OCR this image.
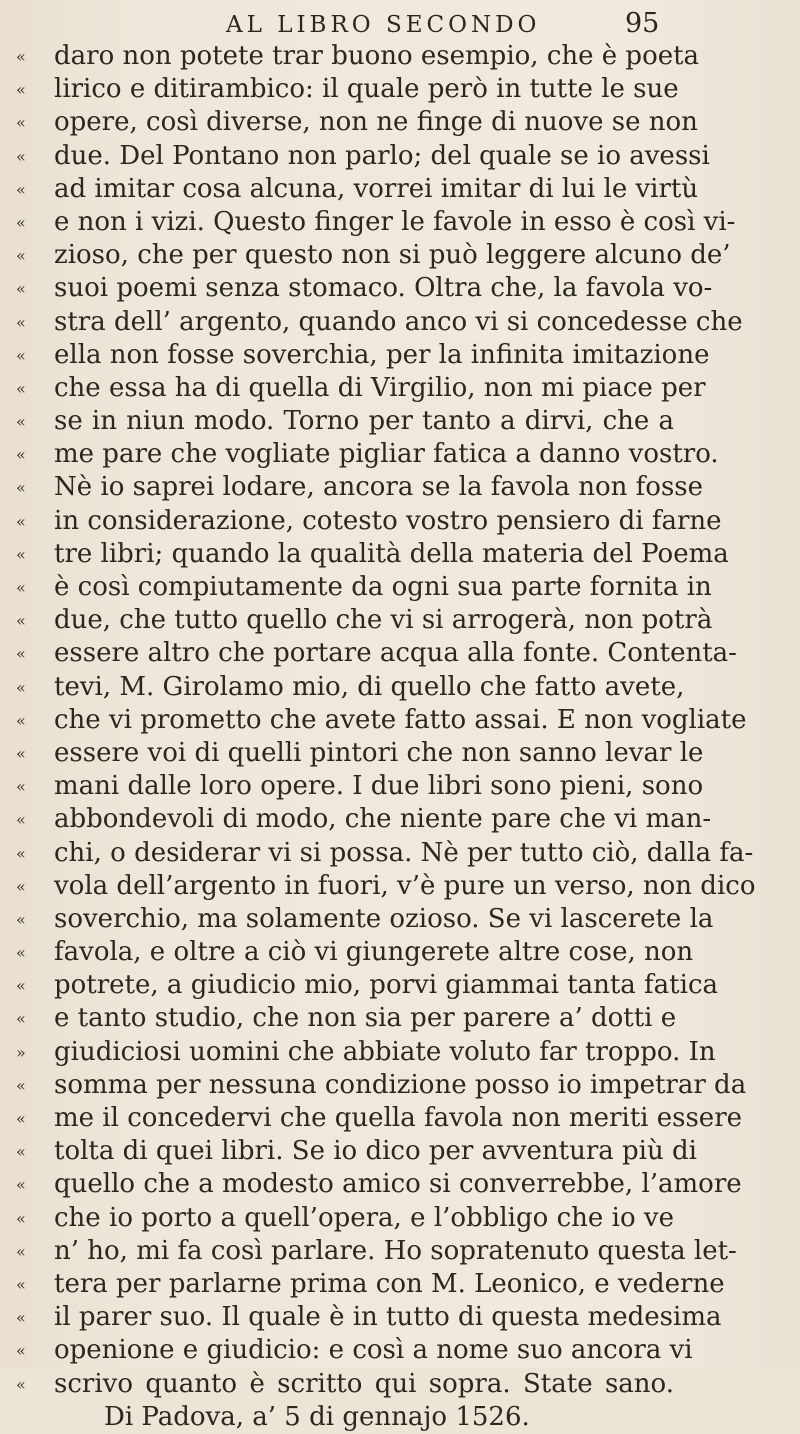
AL LIBRO SECONDO	95
«	daro non potete trar buono esempio, che è poeta
«	lirico e ditirambico: il quale però in tutte le sue
«	opere, così diverse, non ne finge di nuove se non
«	due. Del Pontano non parlo; del quale se io avessi
«	ad imitar cosa alcuna, vorrei imitar di lui le virtù
«	e non i vizi. Questo finger le favole in esso è così vi-
«	zioso, che per questo non si può leggere alcuno de’
«	suoi poemi senza stomaco. Oltra che, la favola vo-
«	stra dell’ argento, quando anco vi si concedesse che
«	ella non fosse soverchia, per la infinita imitazione
«	che essa ha di quella di Virgilio, non mi piace per
«	se in niun modo. Torno per tanto a dirvi, che a
«	me pare che vogliate pigliar fatica a danno vostro.
«	Nè io saprei lodare, ancora se la favola non fosse
«	in considerazione, cotesto vostro pensiero di farne
«	tre libri; quando la qualità della materia del Poema
«	è così compiutamente da ogni sua parte fornita in
«	due, che tutto quello che vi si arrogerà, non potrà
«	essere altro che portare acqua alla fonte. Contenta-
«	tevi, M. Girolamo mio, di quello che fatto avete,
«	che vi prometto che avete fatto assai. E non vogliate
«	essere voi di quelli pintori che non sanno levar le
«	mani dalle loro opere. I due libri sono pieni, sono
«	abbondevoli di modo, che niente pare che vi man-
«	chi, o desiderar vi si possa. Nè per tutto ciò, dalla fa-
«	vola dell’argento in fuori, v’è pure un verso, non dico
«	soverchio, ma solamente ozioso. Se vi lascerete la
«	favola, e oltre a ciò vi giungerete altre cose, non
«	potrete, a giudicio mio, porvi giammai tanta fatica
«	e tanto studio, che non sia per parere a’ dotti e
»	giudiciosi uomini che abbiate voluto far troppo. In
«	somma per nessuna condizione posso io impetrar da
«	me il concedervi che quella favola non meriti essere
«	tolta di quei libri. Se io dico per avventura più di
«	quello che a modesto amico si converrebbe, l’amore
«	che io porto a quell’opera, e l’obbligo che io ve
«	n’ ho, mi fa così parlare. Ho sopratenuto questa let-
«	tera per parlarne prima con M. Leonico, e vederne
«	il parer suo. Il quale è in tutto di questa medesima
«	openione e giudicio: e così a nome suo ancora vi
«	scrivo quanto è scritto qui sopra. State sano.
Di Padova, a’ 5 di gennajo 1526.
